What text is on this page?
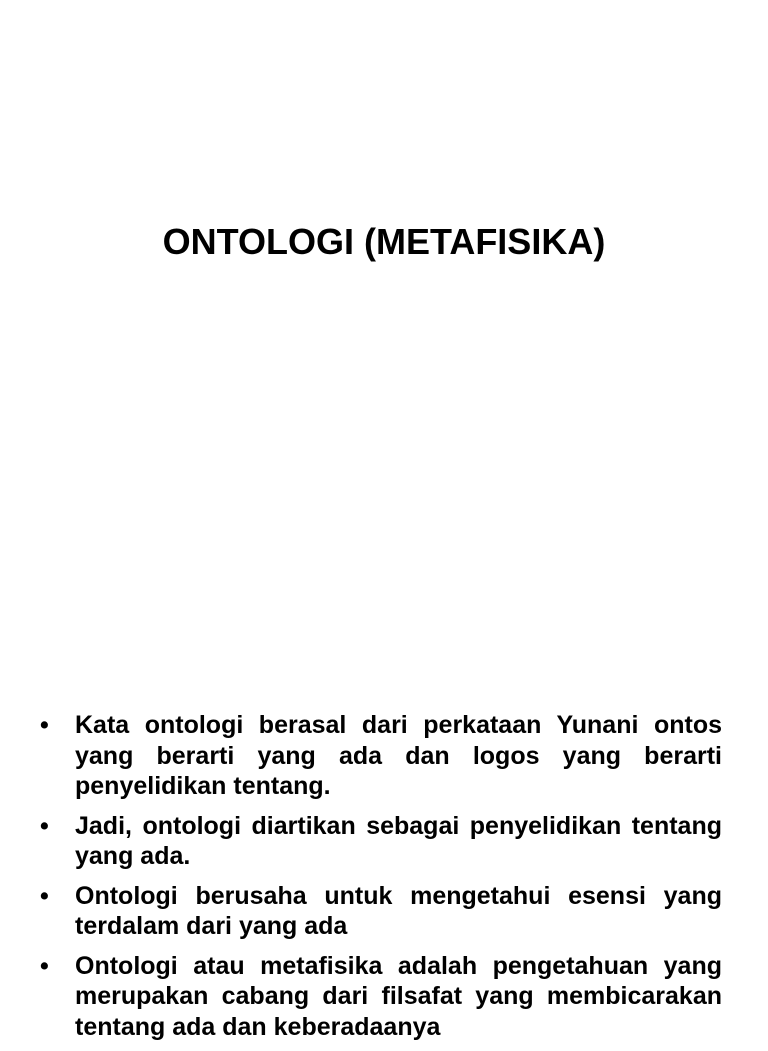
ONTOLOGI (METAFISIKA)
• Kata ontologi berasal dari perkataan Yunani ontos yang berarti yang ada dan logos yang berarti penyelidikan tentang.
• Jadi, ontologi diartikan sebagai penyelidikan tentang yang ada.
• Ontologi berusaha untuk mengetahui esensi yang terdalam dari yang ada
• Ontologi atau metafisika adalah pengetahuan yang merupakan cabang dari filsafat yang membicarakan tentang ada dan keberadaanya
